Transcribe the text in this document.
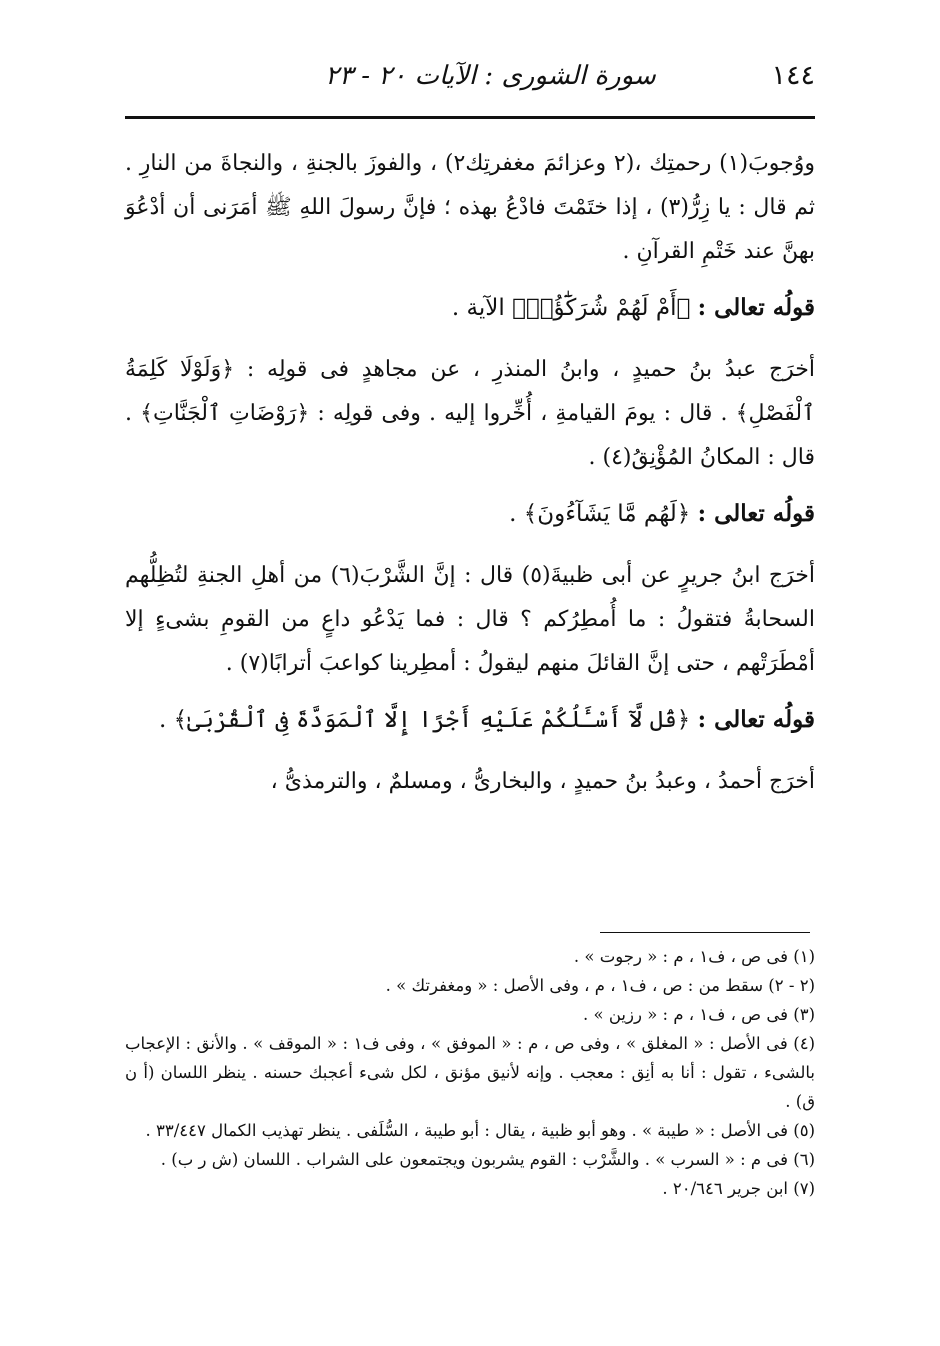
١٤٤
سورة الشورى : الآيات ٢٠ - ٢٣

ووُجوبَ(١) رحمتِك ،(٢ وعزائمَ مغفرتِك٢) ، والفوزَ بالجنةِ ، والنجاةَ من النارِ . ثم قال : يا زِرُّ(٣) ، إذا ختَمْتَ فادْعُ بهذه ؛ فإنَّ رسولَ اللهِ ﷺ أمَرَنى أن أدْعُوَ بهنَّ عند خَتْمِ القرآنِ .

قولُه تعالى : ﴿أَمْ لَهُمْ شُرَكَٰٓؤُا۟﴾ الآية .

أخرَج عبدُ بنُ حميدٍ ، وابنُ المنذرِ ، عن مجاهدٍ فى قولِه : ﴿وَلَوْلَا كَلِمَةُ ٱلْفَصْلِ﴾ . قال : يومَ القيامةِ ، أُخِّروا إليه . وفى قولِه : ﴿رَوْضَاتِ ٱلْجَنَّاتِ﴾ . قال : المكانُ المُؤْنِقُ(٤) .

قولُه تعالى : ﴿لَهُم مَّا يَشَآءُونَ﴾ .

أخرَج ابنُ جريرٍ عن أبى ظبيةَ(٥) قال : إنَّ الشَّرْبَ(٦) من أهلِ الجنةِ لتُظِلُّهم السحابةُ فتقولُ : ما أُمطِرُكم ؟ قال : فما يَدْعُو داعٍ من القومِ بشىءٍ إلا أمْطَرَتْهم ، حتى إنَّ القائلَ منهم ليقولُ : أمطِرينا كواعبَ أترابًا(٧) .

قولُه تعالى : ﴿قُل لَّآ أَسْـَٔلُكُمْ عَلَيْهِ أَجْرًا إِلَّا ٱلْمَوَدَّةَ فِى ٱلْقُرْبَىٰ﴾ .

أخرَج أحمدُ ، وعبدُ بنُ حميدٍ ، والبخارىُّ ، ومسلمٌ ، والترمذىُّ ،

(١) فى ص ، ف١ ، م : « رجوت » .

(٢ - ٢) سقط من : ص ، ف١ ، م ، وفى الأصل : « ومغفرتك » .

(٣) فى ص ، ف١ ، م : « رزين » .

(٤) فى الأصل : « المغلق » ، وفى ص ، م : « الموفق » ، وفى ف١ : « الموقف » . والأنق : الإعجاب بالشىء ، تقول : أنا به أنِق : معجب . وإنه لأنيق مؤنق ، لكل شىء أعجبك حسنه . ينظر اللسان (أ ن ق) .

(٥) فى الأصل : « طيبة » . وهو أبو ظبية ، يقال : أبو طيبة ، السُّلَفى . ينظر تهذيب الكمال ٣٣/٤٤٧ .

(٦) فى م : « السرب » . والشَّرْب : القوم يشربون ويجتمعون على الشراب . اللسان (ش ر ب) .

(٧) ابن جرير ٢٠/٦٤٦ .
